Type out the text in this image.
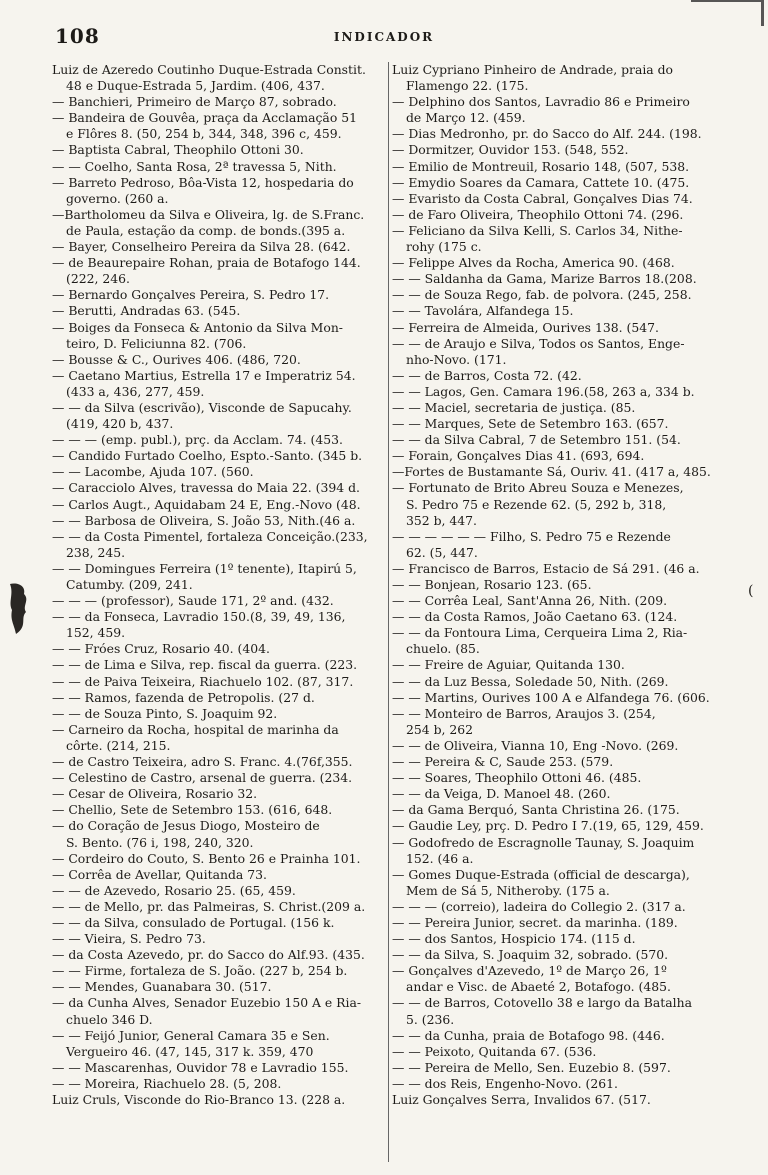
108	INDICADOR
Luiz de Azeredo Coutinho Duque-Estrada Constit.
48 e Duque-Estrada 5, Jardim. (406, 437.
— Banchieri, Primeiro de Março 87, sobrado.
— Bandeira de Gouvêa, praça da Acclamação 51
e Flôres 8. (50, 254 b, 344, 348, 396 c, 459.
— Baptista Cabral, Theophilo Ottoni 30.
— — Coelho, Santa Rosa, 2ª travessa 5, Nith.
— Barreto Pedroso, Bôa-Vista 12, hospedaria do
governo. (260 a.
—Bartholomeu da Silva e Oliveira, lg. de S.Franc.
de Paula, estação da comp. de bonds.(395 a.
— Bayer, Conselheiro Pereira da Silva 28. (642.
— de Beaurepaire Rohan, praia de Botafogo 144.
(222, 246.
— Bernardo Gonçalves Pereira, S. Pedro 17.
— Berutti, Andradas 63. (545.
— Boiges da Fonseca & Antonio da Silva Mon-
teiro, D. Feliciunna 82. (706.
— Bousse & C., Ourives 406. (486, 720.
— Caetano Martius, Estrella 17 e Imperatriz 54.
(433 a, 436, 277, 459.
— — da Silva (escrivão), Visconde de Sapucahy.
(419, 420 b, 437.
— — — (emp. publ.), prç. da Acclam. 74. (453.
— Candido Furtado Coelho, Espto.-Santo. (345 b.
— — Lacombe, Ajuda 107. (560.
— Caracciolo Alves, travessa do Maia 22. (394 d.
— Carlos Augt., Aquidabam 24 E, Eng.-Novo (48.
— — Barbosa de Oliveira, S. João 53, Nith.(46 a.
— — da Costa Pimentel, fortaleza Conceição.(233,
238, 245.
— — Domingues Ferreira (1º tenente), Itapirú 5,
Catumby. (209, 241.
— — — (professor), Saude 171, 2º and. (432.
— — da Fonseca, Lavradio 150.(8, 39, 49, 136,
152, 459.
— — Fróes Cruz, Rosario 40. (404.
— — de Lima e Silva, rep. fiscal da guerra. (223.
— — de Paiva Teixeira, Riachuelo 102. (87, 317.
— — Ramos, fazenda de Petropolis. (27 d.
— — de Souza Pinto, S. Joaquim 92.
— Carneiro da Rocha, hospital de marinha da
côrte. (214, 215.
— de Castro Teixeira, adro S. Franc. 4.(76f,355.
— Celestino de Castro, arsenal de guerra. (234.
— Cesar de Oliveira, Rosario 32.
— Chellio, Sete de Setembro 153. (616, 648.
— do Coração de Jesus Diogo, Mosteiro de
S. Bento. (76 i, 198, 240, 320.
— Cordeiro do Couto, S. Bento 26 e Prainha 101.
— Corrêa de Avellar, Quitanda 73.
— — de Azevedo, Rosario 25. (65, 459.
— — de Mello, pr. das Palmeiras, S. Christ.(209 a.
— — da Silva, consulado de Portugal. (156 k.
— — Vieira, S. Pedro 73.
— da Costa Azevedo, pr. do Sacco do Alf.93. (435.
— — Firme, fortaleza de S. João. (227 b, 254 b.
— — Mendes, Guanabara 30. (517.
— da Cunha Alves, Senador Euzebio 150 A e Ria-
chuelo 346 D.
— — Feijó Junior, General Camara 35 e Sen.
Vergueiro 46. (47, 145, 317 k. 359, 470
— — Mascarenhas, Ouvidor 78 e Lavradio 155.
— — Moreira, Riachuelo 28. (5, 208.
Luiz Cruls, Visconde do Rio-Branco 13. (228 a.
Luiz Cypriano Pinheiro de Andrade, praia do
Flamengo 22. (175.
— Delphino dos Santos, Lavradio 86 e Primeiro
de Março 12. (459.
— Dias Medronho, pr. do Sacco do Alf. 244. (198.
— Dormitzer, Ouvidor 153. (548, 552.
— Emilio de Montreuil, Rosario 148, (507, 538.
— Emydio Soares da Camara, Cattete 10. (475.
— Evaristo da Costa Cabral, Gonçalves Dias 74.
— de Faro Oliveira, Theophilo Ottoni 74. (296.
— Feliciano da Silva Kelli, S. Carlos 34, Nithe-
rohy (175 c.
— Felippe Alves da Rocha, America 90. (468.
— — Saldanha da Gama, Marize Barros 18.(208.
— — de Souza Rego, fab. de polvora. (245, 258.
— — Tavolára, Alfandega 15.
— Ferreira de Almeida, Ourives 138. (547.
— — de Araujo e Silva, Todos os Santos, Enge-
nho-Novo. (171.
— — de Barros, Costa 72. (42.
— — Lagos, Gen. Camara 196.(58, 263 a, 334 b.
— — Maciel, secretaria de justiça. (85.
— — Marques, Sete de Setembro 163. (657.
— — da Silva Cabral, 7 de Setembro 151. (54.
— Forain, Gonçalves Dias 41. (693, 694.
—Fortes de Bustamante Sá, Ouriv. 41. (417 a, 485.
— Fortunato de Brito Abreu Souza e Menezes,
S. Pedro 75 e Rezende 62. (5, 292 b, 318,
352 b, 447.
— — — — — — Filho, S. Pedro 75 e Rezende
62. (5, 447.
— Francisco de Barros, Estacio de Sá 291. (46 a.
— — Bonjean, Rosario 123. (65.
— — Corrêa Leal, Sant'Anna 26, Nith. (209.
— — da Costa Ramos, João Caetano 63. (124.
— — da Fontoura Lima, Cerqueira Lima 2, Ria-
chuelo. (85.
— — Freire de Aguiar, Quitanda 130.
— — da Luz Bessa, Soledade 50, Nith. (269.
— — Martins, Ourives 100 A e Alfandega 76. (606.
— — Monteiro de Barros, Araujos 3. (254,
254 b, 262
— — de Oliveira, Vianna 10, Eng -Novo. (269.
— — Pereira & C, Saude 253. (579.
— — Soares, Theophilo Ottoni 46. (485.
— — da Veiga, D. Manoel 48. (260.
— da Gama Berquó, Santa Christina 26. (175.
— Gaudie Ley, prç. D. Pedro I 7.(19, 65, 129, 459.
— Godofredo de Escragnolle Taunay, S. Joaquim
152. (46 a.
— Gomes Duque-Estrada (official de descarga),
Mem de Sá 5, Nitheroby. (175 a.
— — — (correio), ladeira do Collegio 2. (317 a.
— — Pereira Junior, secret. da marinha. (189.
— — dos Santos, Hospicio 174. (115 d.
— — da Silva, S. Joaquim 32, sobrado. (570.
— Gonçalves d'Azevedo, 1º de Março 26, 1º
andar e Visc. de Abaeté 2, Botafogo. (485.
— — de Barros, Cotovello 38 e largo da Batalha
5. (236.
— — da Cunha, praia de Botafogo 98. (446.
— — Peixoto, Quitanda 67. (536.
— — Pereira de Mello, Sen. Euzebio 8. (597.
— — dos Reis, Engenho-Novo. (261.
Luiz Gonçalves Serra, Invalidos 67. (517.
(
